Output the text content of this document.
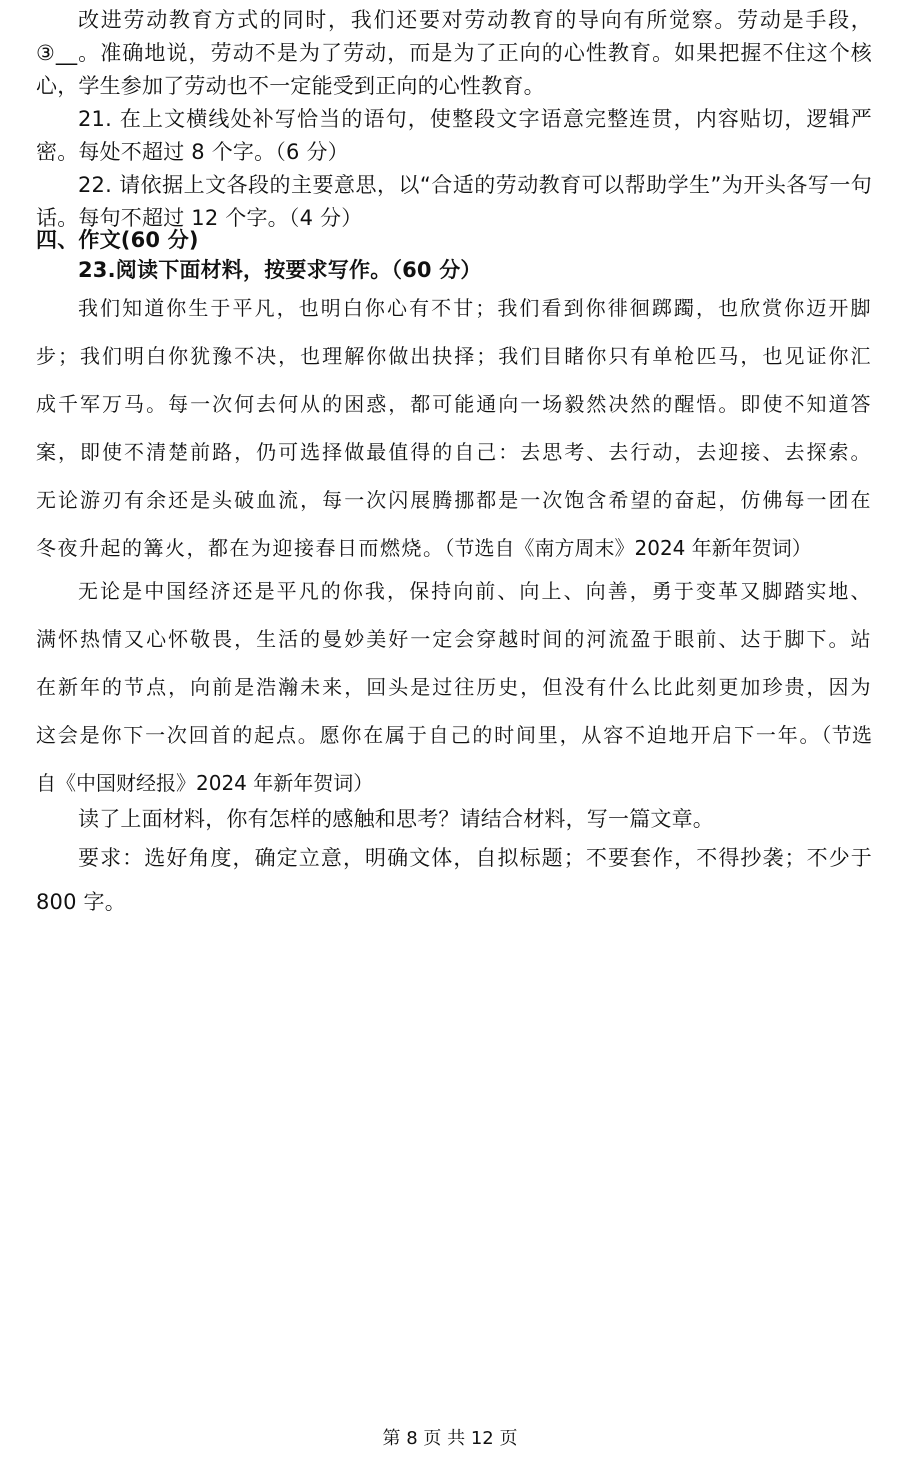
改进劳动教育方式的同时，我们还要对劳动教育的导向有所觉察。劳动是手段，③__。准确地说，劳动不是为了劳动，而是为了正向的心性教育。如果把握不住这个核心，学生参加了劳动也不一定能受到正向的心性教育。

21. 在上文横线处补写恰当的语句，使整段文字语意完整连贯，内容贴切，逻辑严密。每处不超过 8 个字。（6 分）

22. 请依据上文各段的主要意思，以“合适的劳动教育可以帮助学生”为开头各写一句话。每句不超过 12 个字。（4 分）

四、作文(60 分)

23.阅读下面材料，按要求写作。（60 分）

我们知道你生于平凡，也明白你心有不甘；我们看到你徘徊踯躅，也欣赏你迈开脚步；我们明白你犹豫不决，也理解你做出抉择；我们目睹你只有单枪匹马，也见证你汇成千军万马。每一次何去何从的困惑，都可能通向一场毅然决然的醒悟。即使不知道答案，即使不清楚前路，仍可选择做最值得的自己：去思考、去行动，去迎接、去探索。无论游刃有余还是头破血流，每一次闪展腾挪都是一次饱含希望的奋起，仿佛每一团在冬夜升起的篝火，都在为迎接春日而燃烧。（节选自《南方周末》2024 年新年贺词）

无论是中国经济还是平凡的你我，保持向前、向上、向善，勇于变革又脚踏实地、满怀热情又心怀敬畏，生活的曼妙美好一定会穿越时间的河流盈于眼前、达于脚下。站在新年的节点，向前是浩瀚未来，回头是过往历史，但没有什么比此刻更加珍贵，因为这会是你下一次回首的起点。愿你在属于自己的时间里，从容不迫地开启下一年。（节选自《中国财经报》2024 年新年贺词）

读了上面材料，你有怎样的感触和思考？请结合材料，写一篇文章。

要求：选好角度，确定立意，明确文体，自拟标题；不要套作，不得抄袭；不少于 800 字。

第 8 页 共 12 页
